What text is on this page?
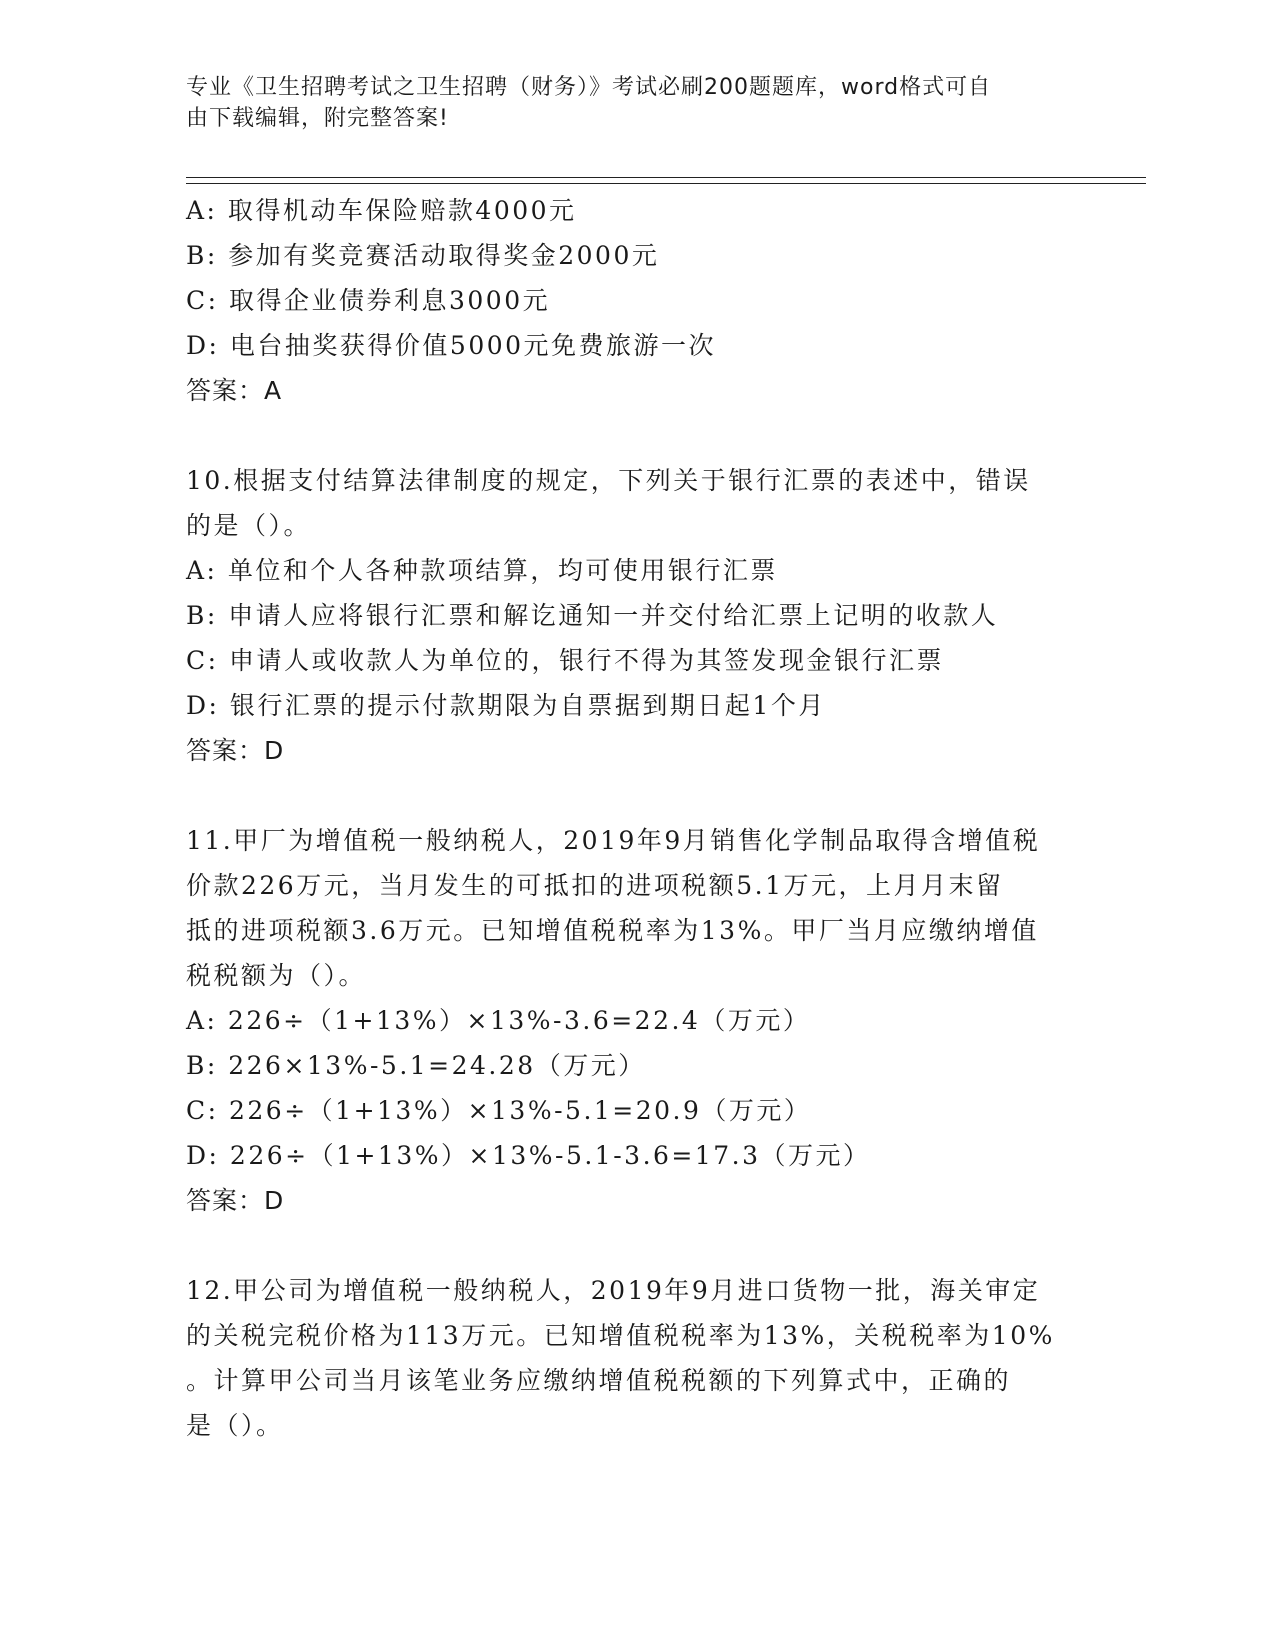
专业《卫生招聘考试之卫生招聘（财务）》考试必刷200题题库，word格式可自
由下载编辑，附完整答案!

A: 取得机动车保险赔款4000元

B: 参加有奖竞赛活动取得奖金2000元

C: 取得企业债券利息3000元

D: 电台抽奖获得价值5000元免费旅游一次

答案：A

10.根据支付结算法律制度的规定，下列关于银行汇票的表述中，错误

的是（）。

A: 单位和个人各种款项结算，均可使用银行汇票

B: 申请人应将银行汇票和解讫通知一并交付给汇票上记明的收款人

C: 申请人或收款人为单位的，银行不得为其签发现金银行汇票

D: 银行汇票的提示付款期限为自票据到期日起1个月

答案：D

11.甲厂为增值税一般纳税人，2019年9月销售化学制品取得含增值税

价款226万元，当月发生的可抵扣的进项税额5.1万元，上月月末留

抵的进项税额3.6万元。已知增值税税率为13%。甲厂当月应缴纳增值

税税额为（）。

A: 226÷（1+13%）×13%-3.6=22.4（万元）

B: 226×13%-5.1=24.28（万元）

C: 226÷（1+13%）×13%-5.1=20.9（万元）

D: 226÷（1+13%）×13%-5.1-3.6=17.3（万元）

答案：D

12.甲公司为增值税一般纳税人，2019年9月进口货物一批，海关审定

的关税完税价格为113万元。已知增值税税率为13%，关税税率为10%

。计算甲公司当月该笔业务应缴纳增值税税额的下列算式中，正确的

是（）。
